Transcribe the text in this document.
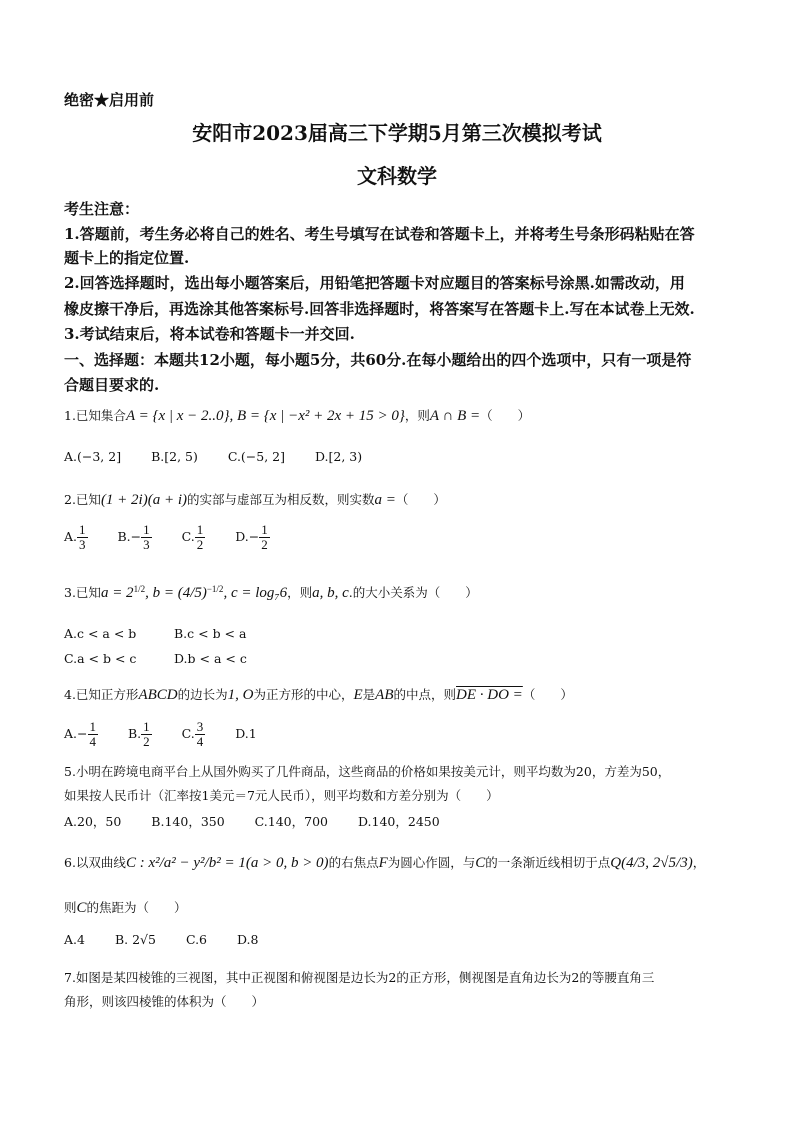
绝密★启用前
安阳市2023届高三下学期5月第三次模拟考试
文科数学
考生注意：
1.答题前，考生务必将自己的姓名、考生号填写在试卷和答题卡上，并将考生号条形码粘贴在答
题卡上的指定位置.
2.回答选择题时，选出每小题答案后，用铅笔把答题卡对应题目的答案标号涂黑.如需改动，用
橡皮擦干净后，再选涂其他答案标号.回答非选择题时，将答案写在答题卡上.写在本试卷上无效.
3.考试结束后，将本试卷和答题卡一并交回.
一、选择题：本题共12小题，每小题5分，共60分.在每小题给出的四个选项中，只有一项是符
合题目要求的.
1.已知集合A = {x | x − 2..0}, B = {x | −x² + 2x + 15 > 0}，则A ∩ B =（　　）
A.(−3, 2] B.[2, 5) C.(−5, 2] D.[2, 3)
2.已知(1 + 2i)(a + i)的实部与虚部互为相反数，则实数a =（　　）
A. $\frac{1}{3} B.- \frac{1}{3} C$. $\frac{1}{2} D.- \frac{1}{2}$
3.已知$a = 2^{1/2}$, $b = (4/5)^{-1/2}$, c = log₇6，则a, b, c.的大小关系为（　　）
A.c < a < b	B.c < b < a
C.a < b < c	D.b < a < c
4.已知正方形ABCD的边长为1, O为正方形的中心，E是AB的中点，则DE · DO =（　　）
$A.- \frac{1}{4} B$. $\frac{1}{2} C$. $\frac{3}{4} D.1$
5.小明在跨境电商平台上从国外购买了几件商品，这些商品的价格如果按美元计，则平均数为20，方差为50，
如果按人民币计（汇率按1美元＝7元人民币），则平均数和方差分别为（　　）
A.20，50 B.140，350 C.140，700 D.140，2450
6.以双曲线C : x²/a² − y²/b² = 1(a > 0, b > 0)的右焦点F为圆心作圆，与C的一条渐近线相切于点Q(4/3, 2√5/3)，
则C的焦距为（　　）
A.4 B. 2√5 C.6 D.8
7.如图是某四棱锥的三视图，其中正视图和俯视图是边长为2的正方形，侧视图是直角边长为2的等腰直角三
角形，则该四棱锥的体积为（　　）
